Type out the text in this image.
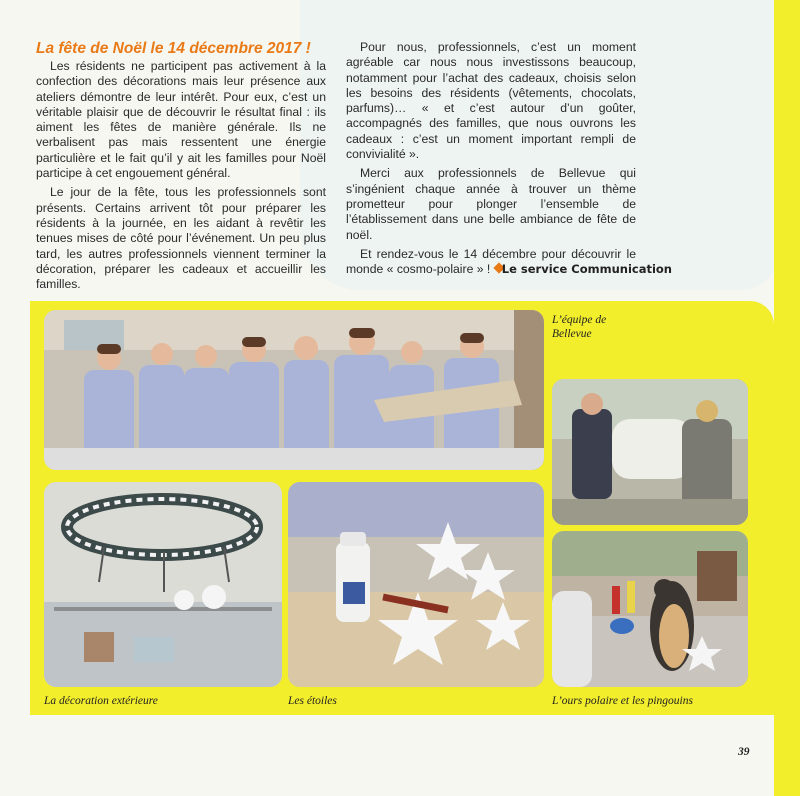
La fête de Noël le 14 décembre 2017 !

Les résidents ne participent pas activement à la confection des décorations mais leur présence aux ateliers démontre de leur intérêt. Pour eux, c’est un véritable plaisir que de découvrir le résultat final : ils aiment les fêtes de manière générale. Ils ne verbalisent pas mais ressentent une énergie particulière et le fait qu’il y ait les familles pour Noël participe à cet engouement général.

Le jour de la fête, tous les professionnels sont présents. Certains arrivent tôt pour préparer les résidents à la journée, en les aidant à revêtir les tenues mises de côté pour l’événement. Un peu plus tard, les autres professionnels viennent terminer la décoration, préparer les cadeaux et accueillir les familles.

Pour nous, professionnels, c’est un moment agréable car nous nous investissons beaucoup, notamment pour l’achat des cadeaux, choisis selon les besoins des résidents (vêtements, chocolats, parfums)… « et c’est autour d’un goûter, accompagnés des familles, que nous ouvrons les cadeaux : c’est un moment important rempli de convivialité ».

Merci aux professionnels de Bellevue qui s’ingénient chaque année à trouver un thème prometteur pour plonger l’ensemble de l’établissement dans une belle ambiance de fête de noël.

Et rendez-vous le 14 décembre pour découvrir le monde « cosmo-polaire » ! Le service Communication
L’équipe de Bellevue
La décoration extérieure	Les étoiles	L’ours polaire et les pingouins
39
